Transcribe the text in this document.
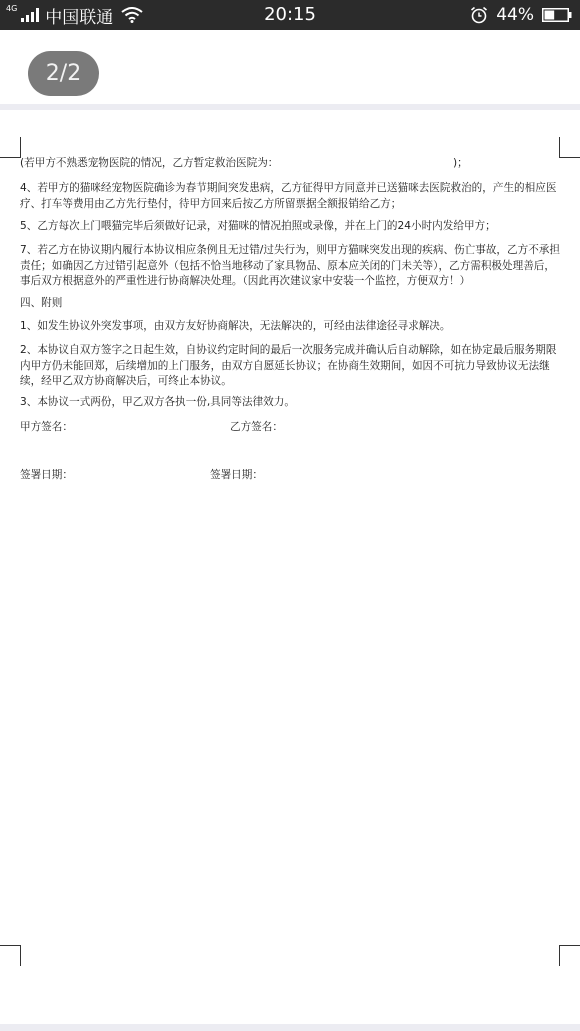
4G 中国联通	20:15	44%
2/2
(若甲方不熟悉宠物医院的情况，乙方暂定救治医院为：	)；

4、若甲方的猫咪经宠物医院确诊为春节期间突发患病，乙方征得甲方同意并已送猫咪去医院救治的，产生的相应医疗、打车等费用由乙方先行垫付，待甲方回来后按乙方所留票据全额报销给乙方；

5、乙方每次上门喂猫完毕后须做好记录，对猫咪的情况拍照或录像，并在上门的24小时内发给甲方；

7、若乙方在协议期内履行本协议相应条例且无过错/过失行为，则甲方猫咪突发出现的疾病、伤亡事故，乙方不承担责任；如确因乙方过错引起意外（包括不恰当地移动了家具物品、原本应关闭的门未关等），乙方需积极处理善后，事后双方根据意外的严重性进行协商解决处理。（因此再次建议家中安装一个监控，方便双方！）

四、附则

1、如发生协议外突发事项，由双方友好协商解决，无法解决的，可经由法律途径寻求解决。

2、本协议自双方签字之日起生效，自协议约定时间的最后一次服务完成并确认后自动解除，如在协定最后服务期限内甲方仍未能回郑，后续增加的上门服务，由双方自愿延长协议；在协商生效期间，如因不可抗力导致协议无法继续，经甲乙双方协商解决后，可终止本协议。

3、本协议一式两份，甲乙双方各执一份,具同等法律效力。

甲方签名：	乙方签名：

签署日期：	签署日期：
